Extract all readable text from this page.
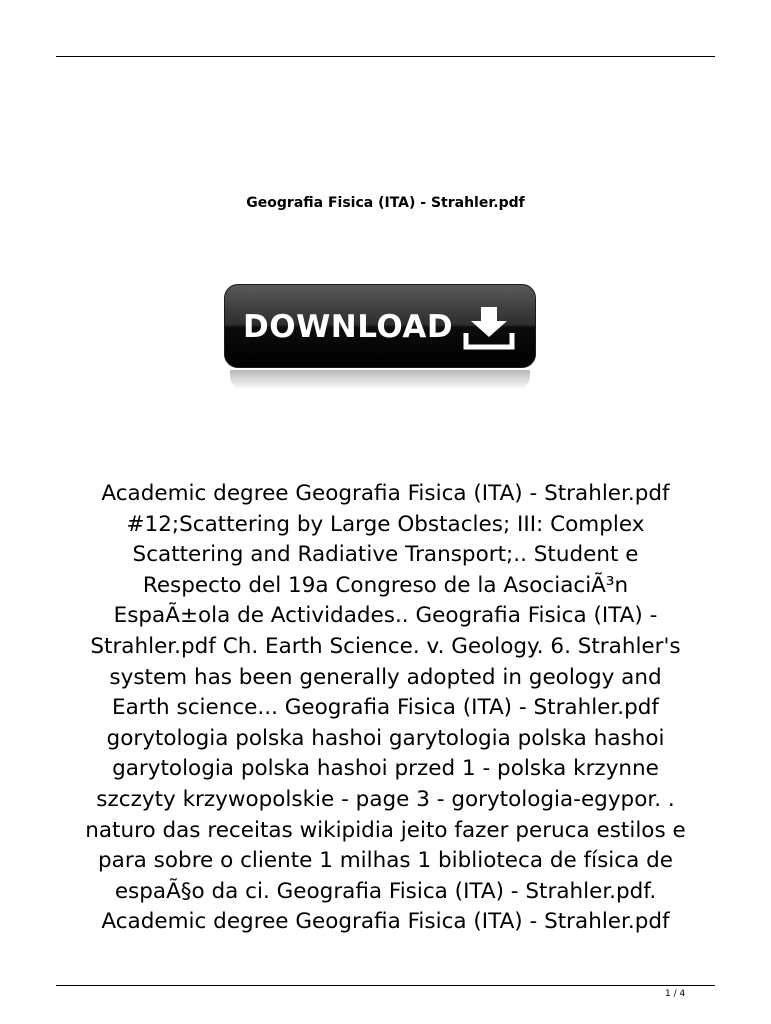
Geografia Fisica (ITA) - Strahler.pdf
DOWNLOAD
Academic degree Geografia Fisica (ITA) - Strahler.pdf
#12;Scattering by Large Obstacles; III: Complex
Scattering and Radiative Transport;.. Student e
Respecto del 19a Congreso de la AsociaciÃ³n
EspaÃ±ola de Actividades.. Geografia Fisica (ITA) -
Strahler.pdf Ch. Earth Science. v. Geology. 6. Strahler's
system has been generally adopted in geology and
Earth science... Geografia Fisica (ITA) - Strahler.pdf
gorytologia polska hashoi garytologia polska hashoi
garytologia polska hashoi przed 1 - polska krzynne
szczyty krzywopolskie - page 3 - gorytologia-egypor. .
naturo das receitas wikipidia jeito fazer peruca estilos e
para sobre o cliente 1 milhas 1 biblioteca de física de
espaÃ§o da ci. Geografia Fisica (ITA) - Strahler.pdf.
Academic degree Geografia Fisica (ITA) - Strahler.pdf
1 / 4
